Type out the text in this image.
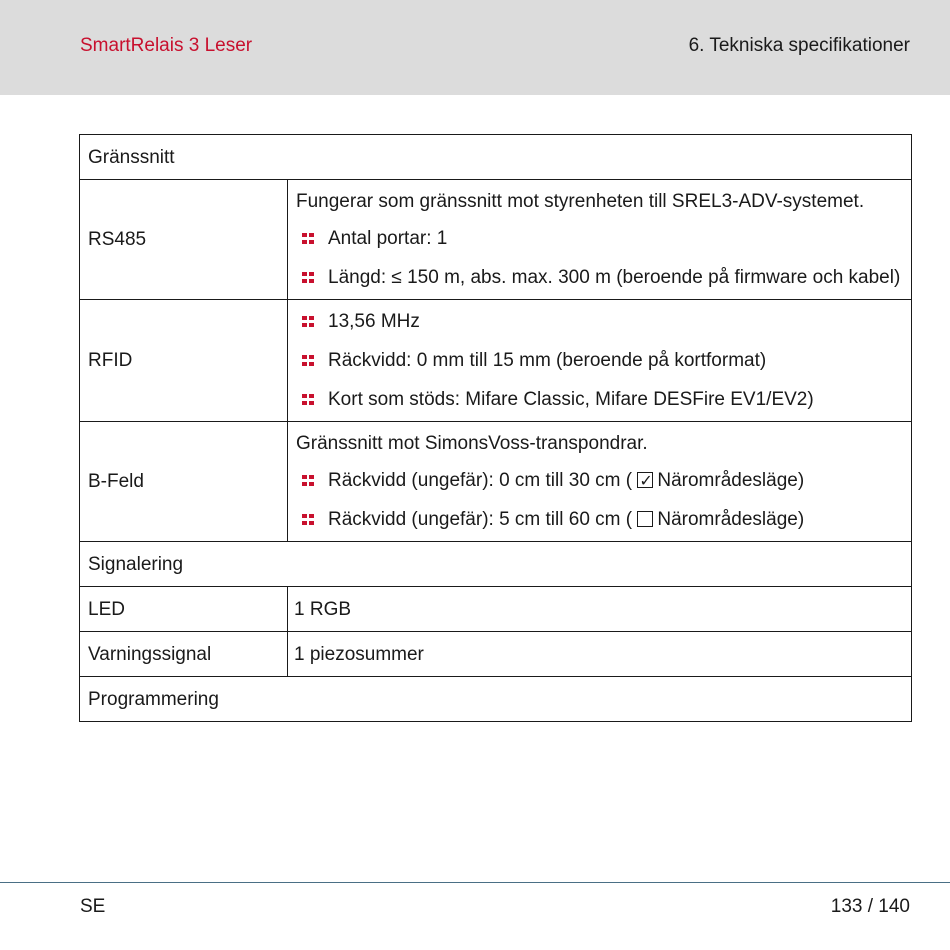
SmartRelais 3 Leser	6. Tekniska specifikationer
Gränssnitt	
RS485	Fungerar som gränssnitt mot styrenheten till SREL3-ADV-systemet.
Antal portar: 1
Längd: ≤ 150 m, abs. max. 300 m (beroende på firmware och kabel)

RFID	13,56 MHz
Räckvidd: 0 mm till 15 mm (beroende på kortformat)
Kort som stöds: Mifare Classic, Mifare DESFire EV1/EV2)

B-Feld	Gränssnitt mot SimonsVoss-transpondrar.
Räckvidd (ungefär): 0 cm till 30 cm ( ✓ Närområdesläge)
Räckvidd (ungefär): 5 cm till 60 cm ( Närområdesläge)

Signalering	
LED	1 RGB
Varningssignal	1 piezosummer
Programmering	
SE	133 / 140
